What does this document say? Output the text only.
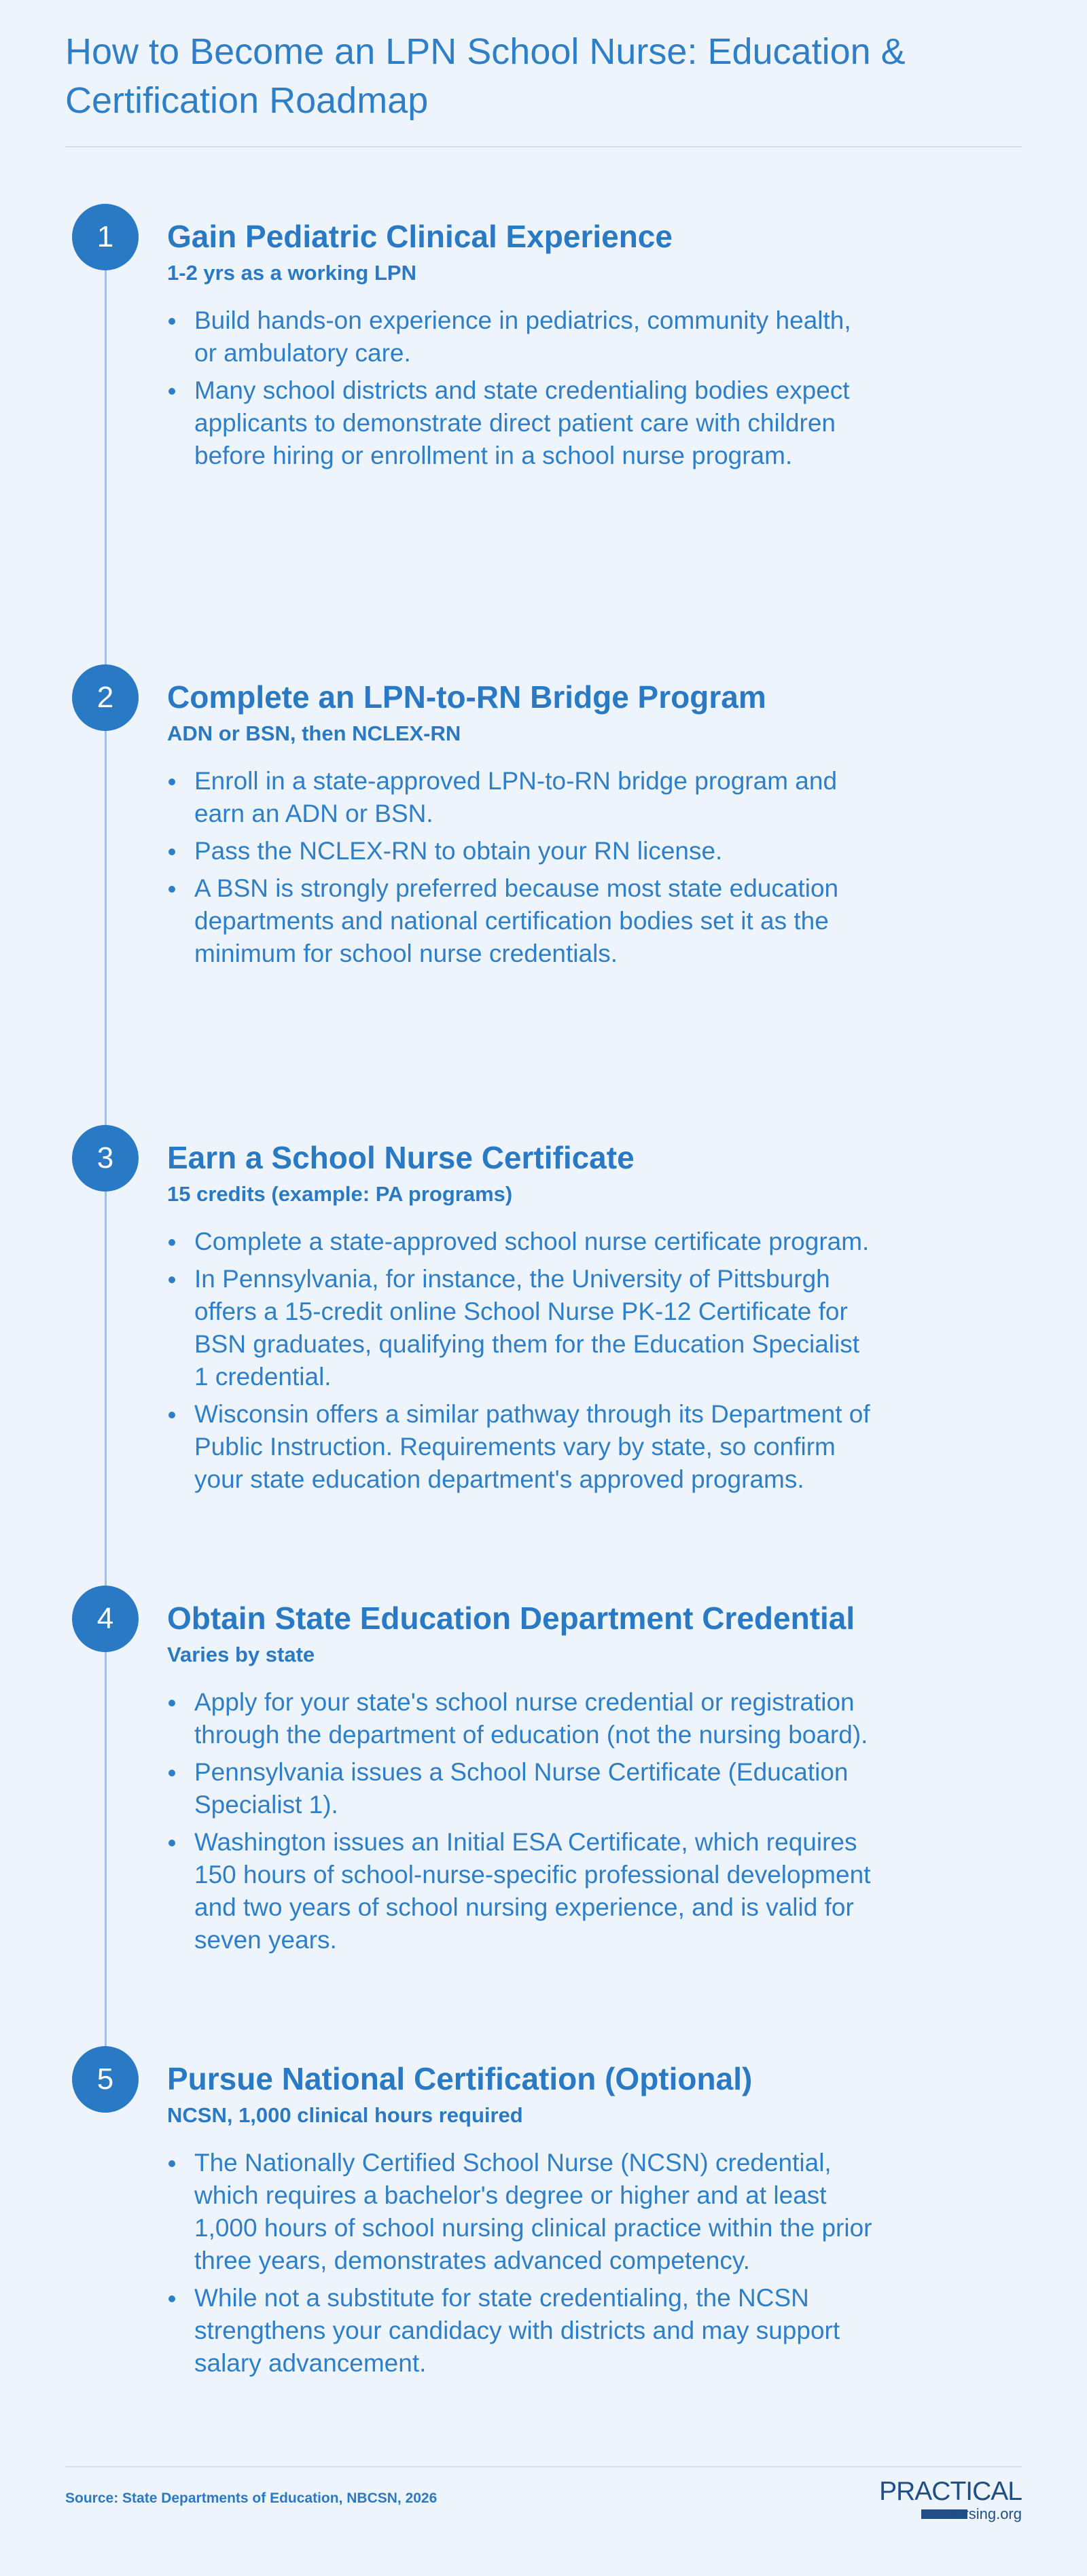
How to Become an LPN School Nurse: Education & Certification Roadmap
1	Gain Pediatric Clinical Experience

1-2 yrs as a working LPN

Build hands-on experience in pediatrics, community health, or ambulatory care.
Many school districts and state credentialing bodies expect applicants to demonstrate direct patient care with children before hiring or enrollment in a school nurse program.
2	Complete an LPN-to-RN Bridge Program

ADN or BSN, then NCLEX-RN

Enroll in a state-approved LPN-to-RN bridge program and earn an ADN or BSN.
Pass the NCLEX-RN to obtain your RN license.
A BSN is strongly preferred because most state education departments and national certification bodies set it as the minimum for school nurse credentials.
3	Earn a School Nurse Certificate

15 credits (example: PA programs)

Complete a state-approved school nurse certificate program.
In Pennsylvania, for instance, the University of Pittsburgh offers a 15-credit online School Nurse PK-12 Certificate for BSN graduates, qualifying them for the Education Specialist 1 credential.
Wisconsin offers a similar pathway through its Department of Public Instruction. Requirements vary by state, so confirm your state education department's approved programs.
4	Obtain State Education Department Credential

Varies by state

Apply for your state's school nurse credential or registration through the department of education (not the nursing board).
Pennsylvania issues a School Nurse Certificate (Education Specialist 1).
Washington issues an Initial ESA Certificate, which requires 150 hours of school-nurse-specific professional development and two years of school nursing experience, and is valid for seven years.
5	Pursue National Certification (Optional)

NCSN, 1,000 clinical hours required

The Nationally Certified School Nurse (NCSN) credential, which requires a bachelor's degree or higher and at least 1,000 hours of school nursing clinical practice within the prior three years, demonstrates advanced competency.
While not a substitute for state credentialing, the NCSN strengthens your candidacy with districts and may support salary advancement.
Source: State Departments of Education, NBCSN, 2026	PRACTICAL
nursing.org
